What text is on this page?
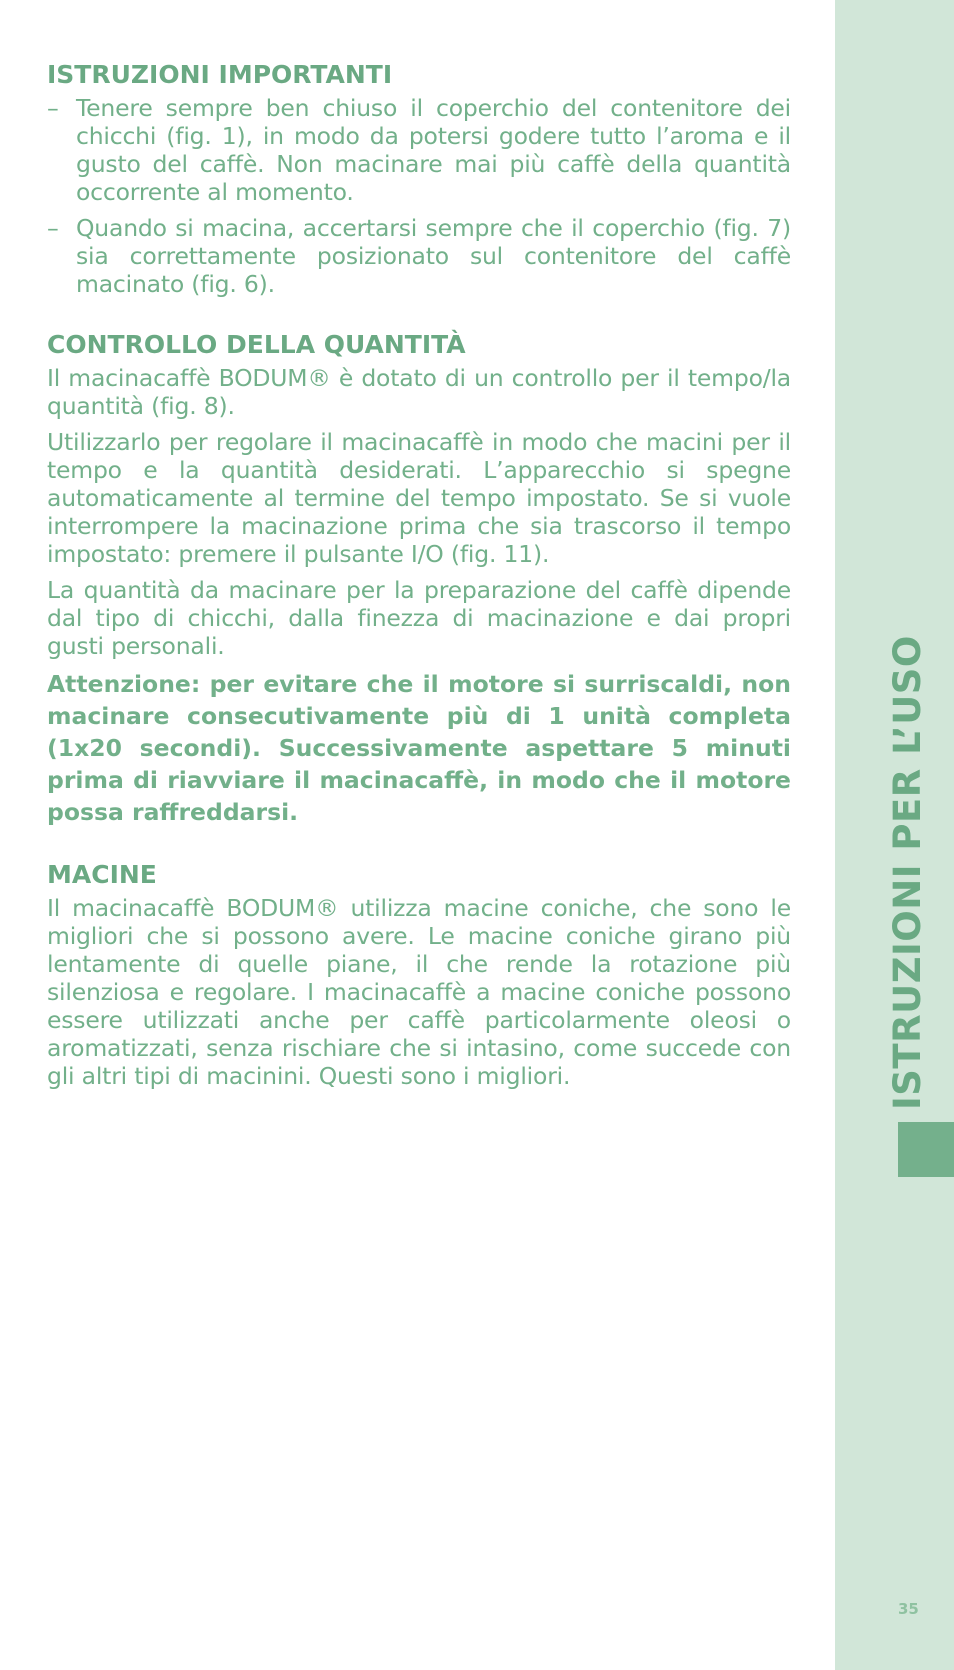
ISTRUZIONI IMPORTANTI
– Tenere sempre ben chiuso il coperchio del contenitore dei chicchi (fig. 1), in modo da potersi godere tutto l’aroma e il gusto del caffè. Non macinare mai più caffè della quantità occorrente al momento.
– Quando si macina, accertarsi sempre che il coperchio (fig. 7) sia correttamente posizionato sul contenitore del caffè macinato (fig. 6).
CONTROLLO DELLA QUANTITÀ

Il macinacaffè BODUM® è dotato di un controllo per il tempo/la quantità (fig. 8).

Utilizzarlo per regolare il macinacaffè in modo che macini per il tempo e la quantità desiderati. L’apparecchio si spegne automaticamente al termine del tempo impostato. Se si vuole interrompere la macinazione prima che sia trascorso il tempo impostato: premere il pulsante I/O (fig. 11).

La quantità da macinare per la preparazione del caffè dipende dal tipo di chicchi, dalla finezza di macinazione e dai propri gusti personali.

Attenzione: per evitare che il motore si surriscaldi, non macinare consecutivamente più di 1 unità completa (1x20 secondi). Successivamente aspettare 5 minuti prima di riavviare il macinacaffè, in modo che il motore possa raffreddarsi.

MACINE

Il macinacaffè BODUM® utilizza macine coniche, che sono le migliori che si possono avere. Le macine coniche girano più lentamente di quelle piane, il che rende la rotazione più silenziosa e regolare. I macinacaffè a macine coniche possono essere utilizzati anche per caffè particolarmente oleosi o aromatizzati, senza rischiare che si intasino, come succede con gli altri tipi di macinini. Questi sono i migliori.	ISTRUZIONI PER L’USO
35
